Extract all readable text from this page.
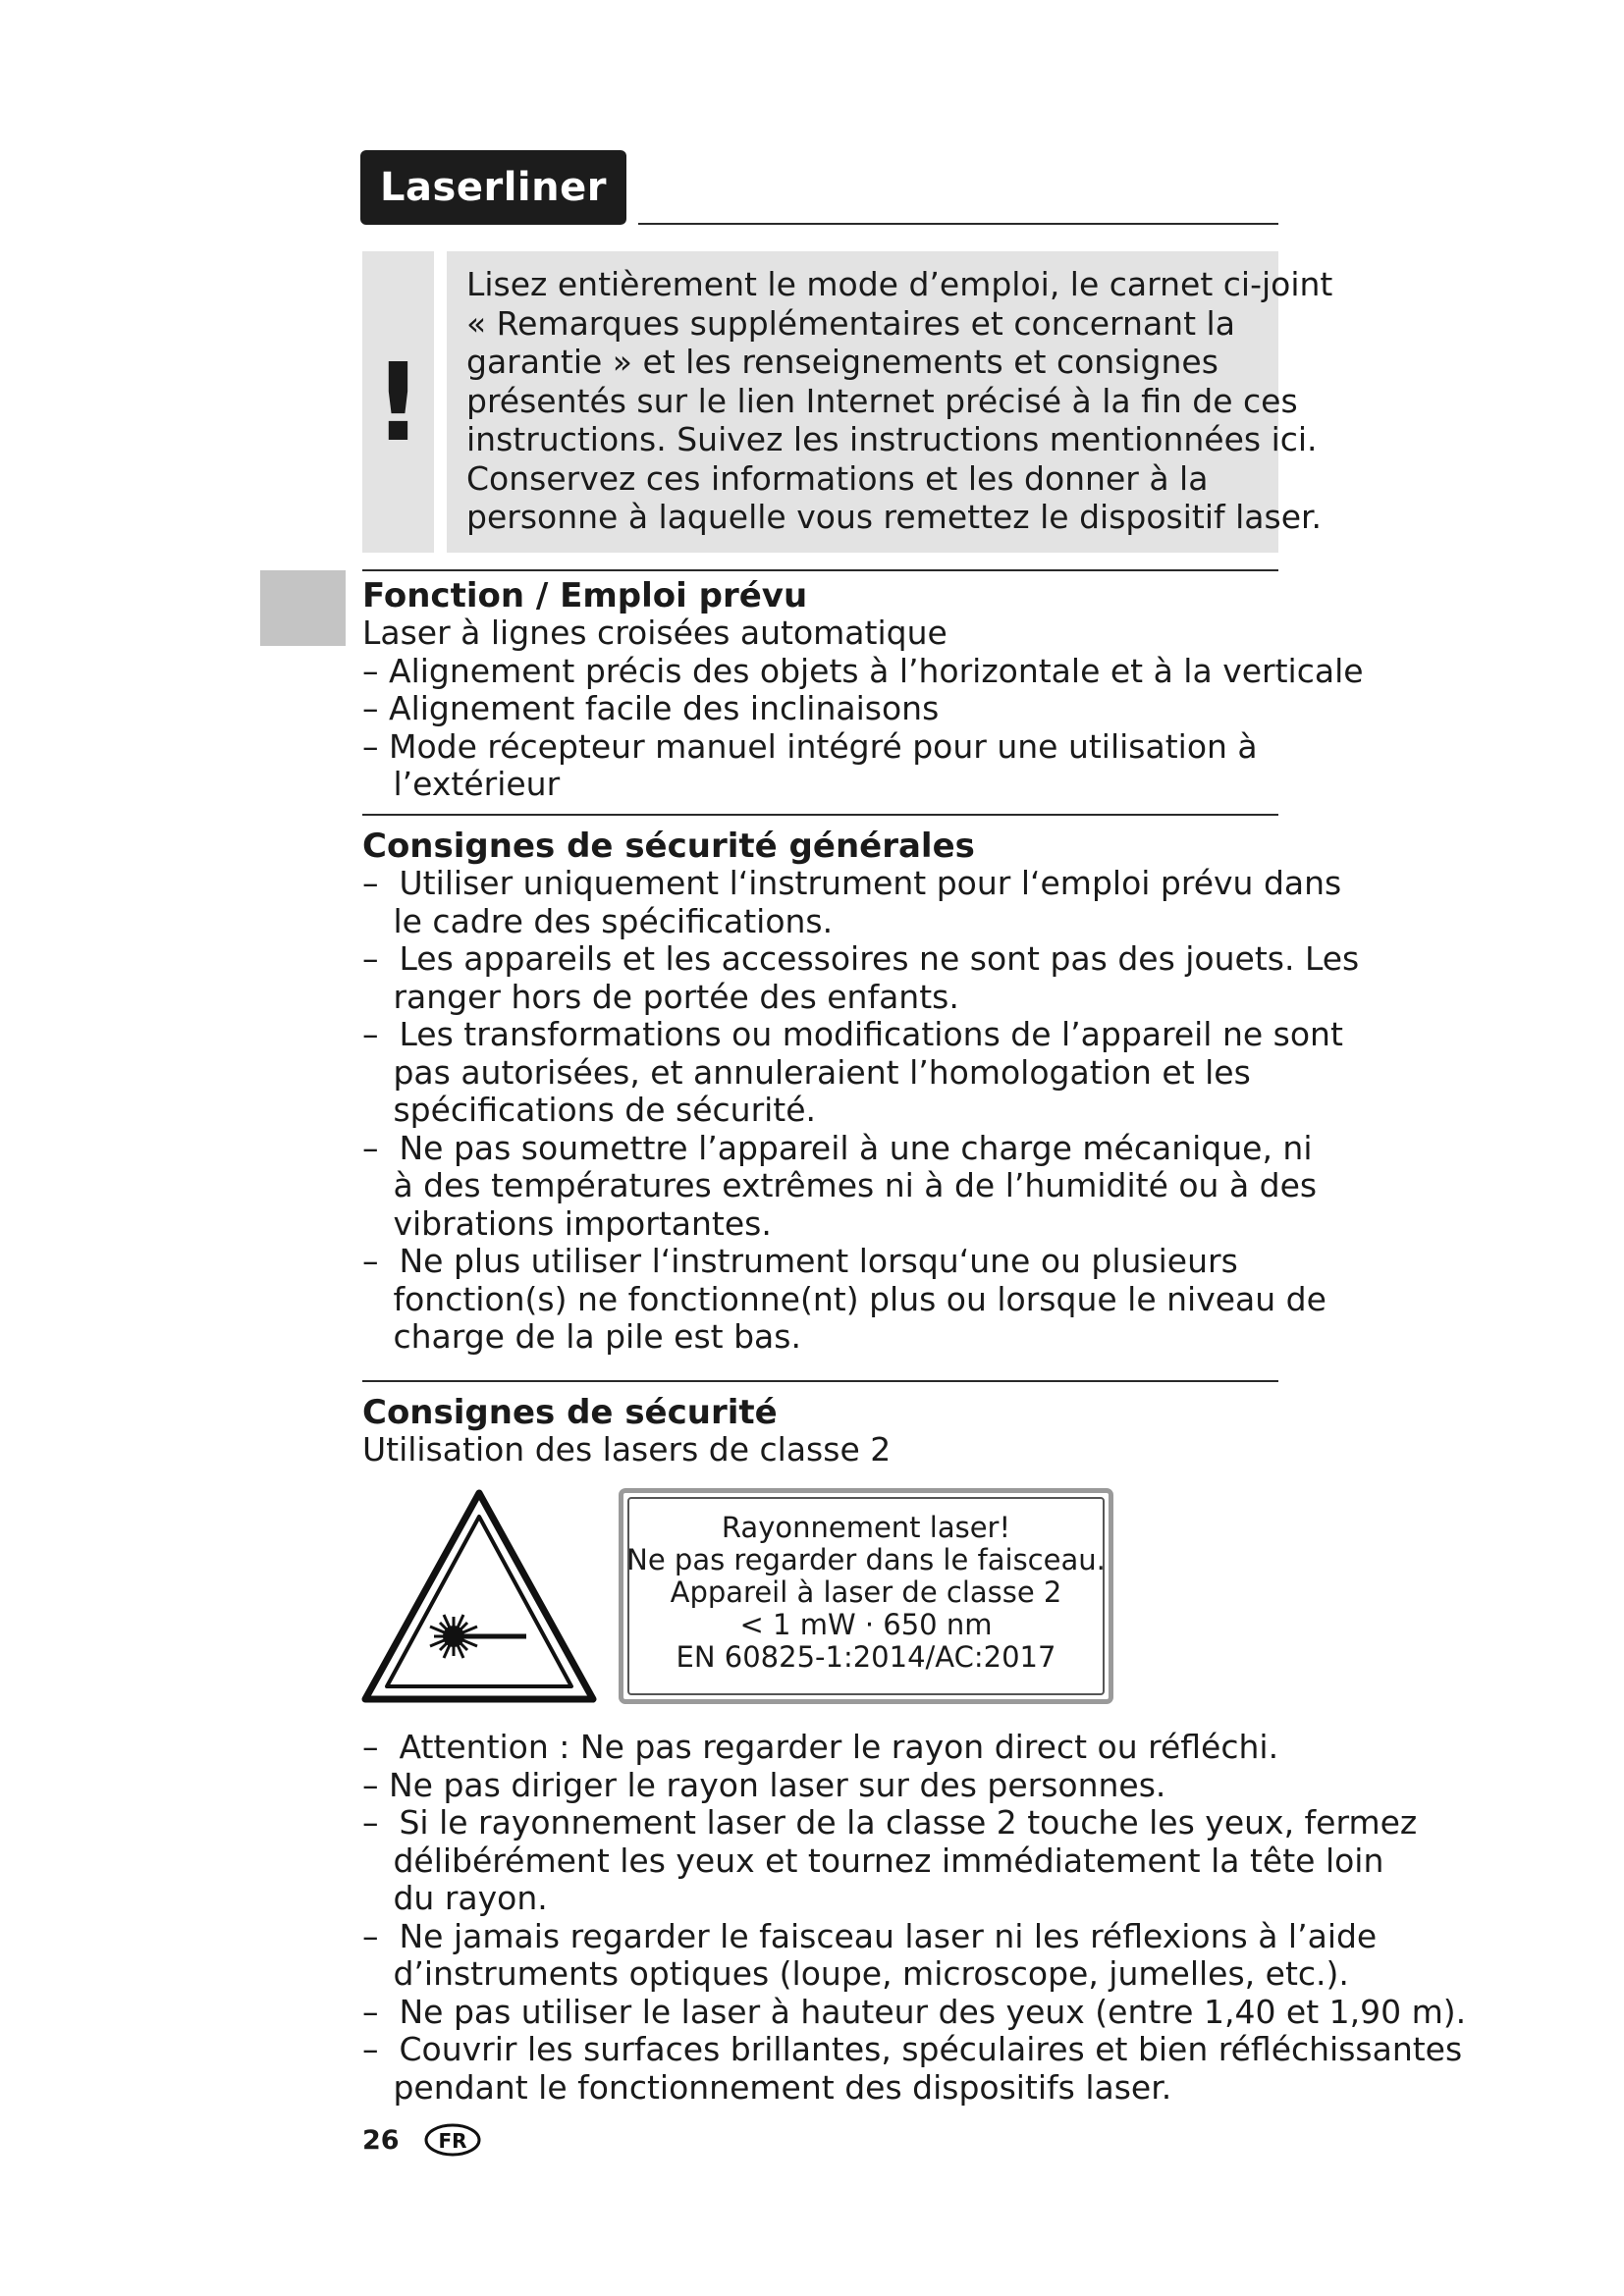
Laserliner
!
Lisez entièrement le mode d’emploi, le carnet ci-joint
« Remarques supplémentaires et concernant la
garantie » et les renseignements et consignes
présentés sur le lien Internet précisé à la fin de ces
instructions. Suivez les instructions mentionnées ici.
Conservez ces informations et les donner à la
personne à laquelle vous remettez le dispositif laser.
Fonction / Emploi prévu
Laser à lignes croisées automatique
– Alignement précis des objets à l’horizontale et à la verticale
– Alignement facile des inclinaisons
– Mode récepteur manuel intégré pour une utilisation à
l’extérieur
Consignes de sécurité générales
–  Utiliser uniquement l‘instrument pour l‘emploi prévu dans
le cadre des spécifications.
–  Les appareils et les accessoires ne sont pas des jouets. Les
ranger hors de portée des enfants.
–  Les transformations ou modifications de l’appareil ne sont
pas autorisées, et annuleraient l’homologation et les
spécifications de sécurité.
–  Ne pas soumettre l’appareil à une charge mécanique, ni
à des températures extrêmes ni à de l’humidité ou à des
vibrations importantes.
–  Ne plus utiliser l‘instrument lorsqu‘une ou plusieurs
fonction(s) ne fonctionne(nt) plus ou lorsque le niveau de
charge de la pile est bas.
Consignes de sécurité
Utilisation des lasers de classe 2
Rayonnement laser!
Ne pas regarder dans le faisceau.
Appareil à laser de classe 2
< 1 mW · 650 nm
EN 60825-1:2014/AC:2017
–  Attention : Ne pas regarder le rayon direct ou réfléchi.
– Ne pas diriger le rayon laser sur des personnes.
–  Si le rayonnement laser de la classe 2 touche les yeux, fermez
délibérément les yeux et tournez immédiatement la tête loin
du rayon.
–  Ne jamais regarder le faisceau laser ni les réflexions à l’aide
d’instruments optiques (loupe, microscope, jumelles, etc.).
–  Ne pas utiliser le laser à hauteur des yeux (entre 1,40 et 1,90 m).
–  Couvrir les surfaces brillantes, spéculaires et bien réfléchissantes
pendant le fonctionnement des dispositifs laser.
26 FR
